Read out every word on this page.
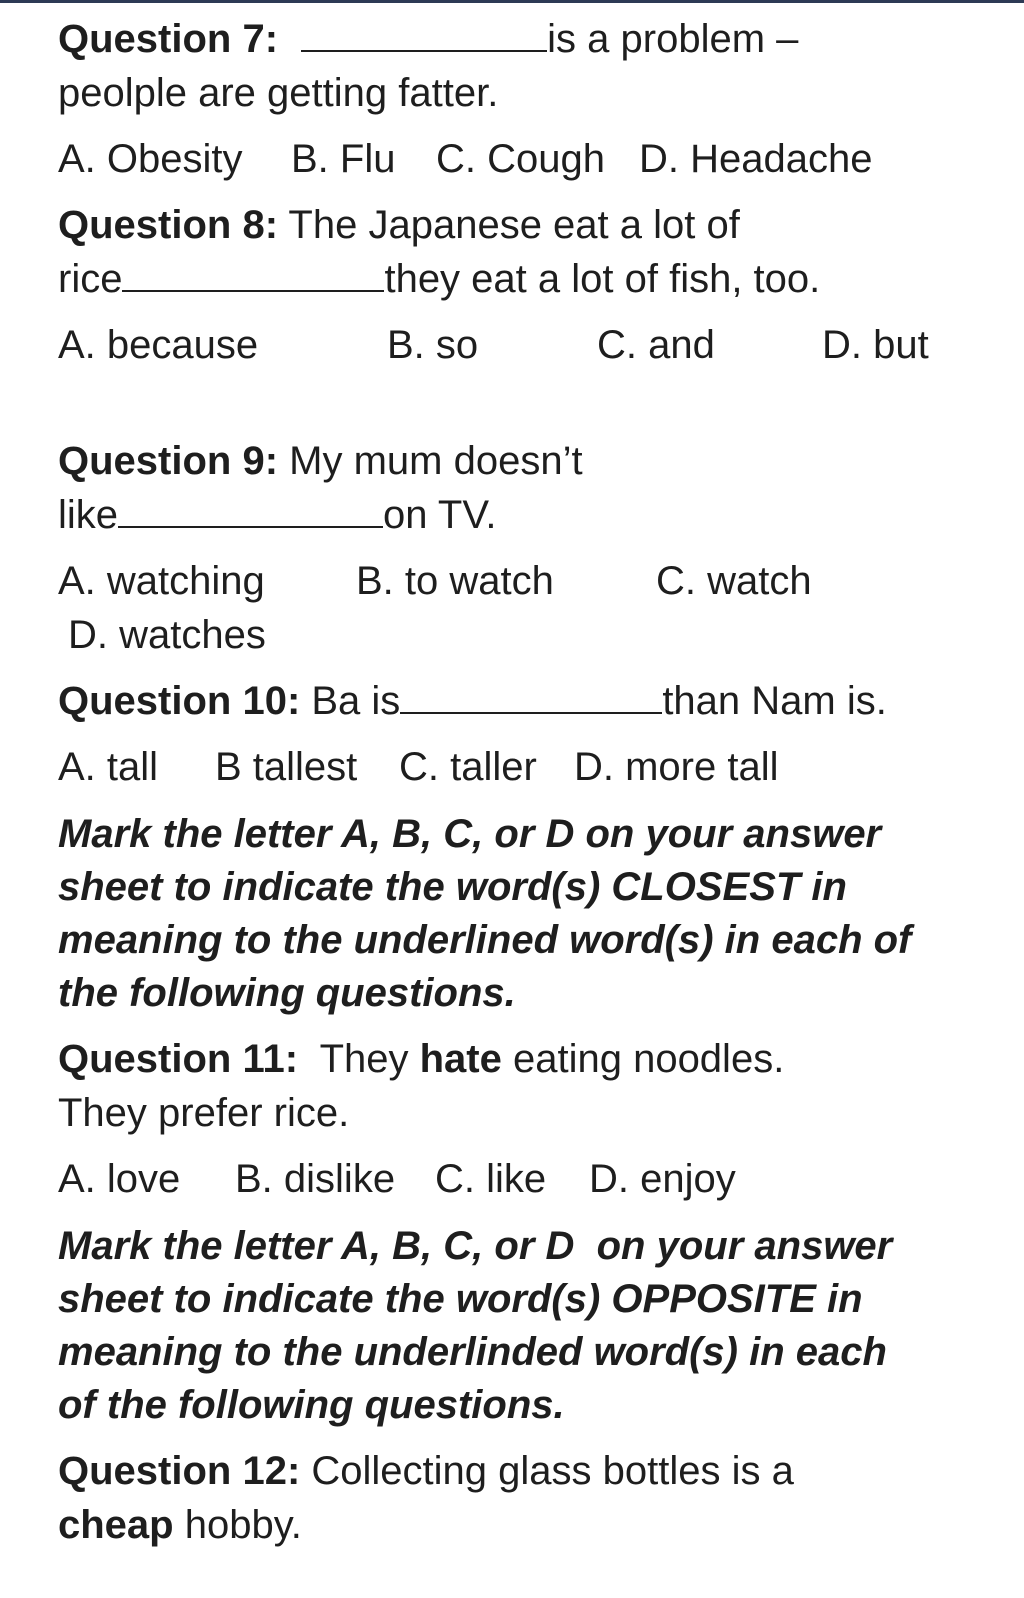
Question 7:	is a problem –
peolple are getting fatter.
A. Obesity	B. Flu	C. Cough D. Headache
Question 8: The Japanese eat a lot of
rice	they eat a lot of fish, too.
A. because	B. so	C. and	D. but
Question 9: My mum doesn’t
like	on TV.
A. watching	B. to watch	C. watch
D. watches
Question 10: Ba is	than Nam is.
A. tall	B tallest	C. taller D. more tall
Mark the letter A, B, C, or D on your answer
sheet to indicate the word(s) CLOSEST in
meaning to the underlined word(s) in each of
the following questions.
Question 11:  They hate eating noodles.
They prefer rice.
A. love	B. dislike C. like	D. enjoy
Mark the letter A, B, C, or D  on your answer
sheet to indicate the word(s) OPPOSITE in
meaning to the underlinded word(s) in each
of the following questions.
Question 12: Collecting glass bottles is a
cheap hobby.
